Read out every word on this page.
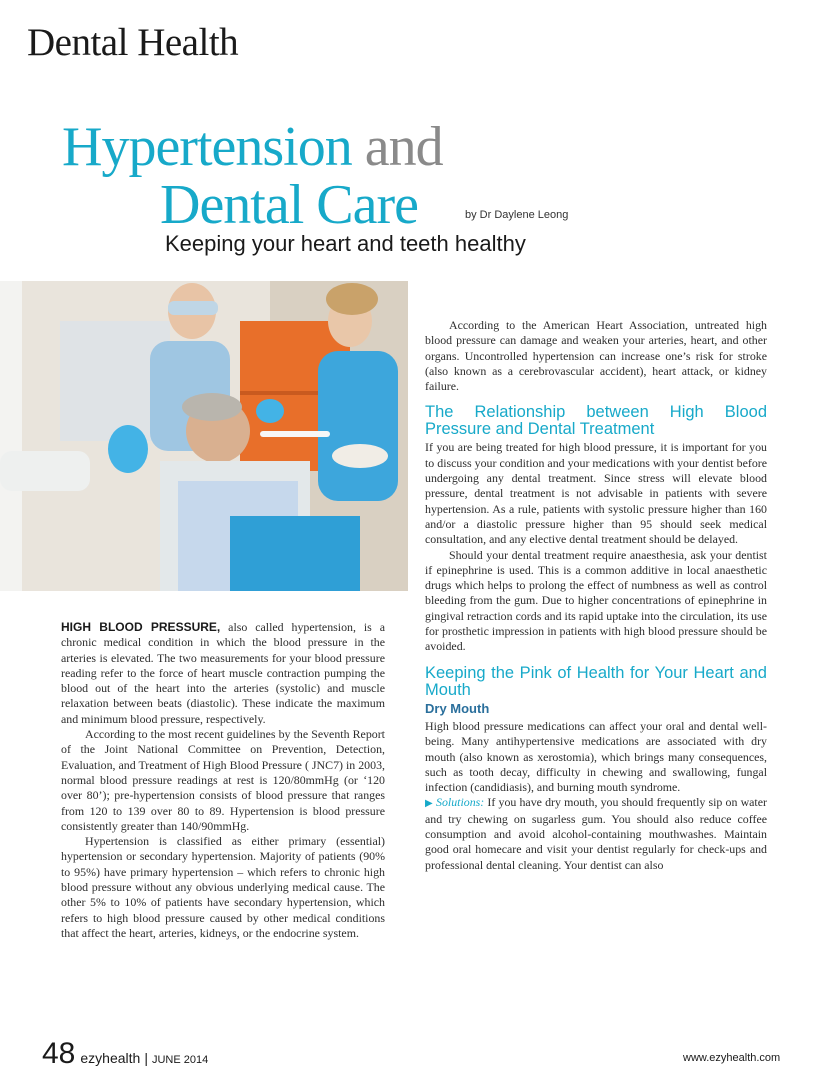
Dental Health
Hypertension and
Dental Care	by Dr Daylene Leong
Keeping your heart and teeth healthy

HIGH BLOOD PRESSURE, also called hypertension, is a chronic medical condition in which the blood pressure in the arteries is elevated. The two measurements for your blood pressure reading refer to the force of heart muscle contraction pumping the blood out of the heart into the arteries (systolic) and muscle relaxation between beats (diastolic). These indicate the maximum and minimum blood pressure, respectively.

According to the most recent guidelines by the Seventh Report of the Joint National Committee on Prevention, Detection, Evaluation, and Treatment of High Blood Pressure ( JNC7) in 2003, normal blood pressure readings at rest is 120/80mmHg (or ‘120 over 80’); pre-hypertension consists of blood pressure that ranges from 120 to 139 over 80 to 89. Hypertension is blood pressure consistently greater than 140/90mmHg.

Hypertension is classified as either primary (essential) hypertension or secondary hypertension. Majority of patients (90% to 95%) have primary hypertension – which refers to chronic high blood pressure without any obvious underlying medical cause. The other 5% to 10% of patients have secondary hypertension, which refers to high blood pressure caused by other medical conditions that affect the heart, arteries, kidneys, or the endocrine system.

According to the American Heart Association, untreated high blood pressure can damage and weaken your arteries, heart, and other organs. Uncontrolled hypertension can increase one’s risk for stroke (also known as a cerebrovascular accident), heart attack, or kidney failure.

The Relationship between High Blood Pressure and Dental Treatment

If you are being treated for high blood pressure, it is important for you to discuss your condition and your medications with your dentist before undergoing any dental treatment. Since stress will elevate blood pressure, dental treatment is not advisable in patients with severe hypertension. As a rule, patients with systolic pressure higher than 160 and/or a diastolic pressure higher than 95 should seek medical consultation, and any elective dental treatment should be delayed.

Should your dental treatment require anaesthesia, ask your dentist if epinephrine is used. This is a common additive in local anaesthetic drugs which helps to prolong the effect of numbness as well as control bleeding from the gum. Due to higher concentrations of epinephrine in gingival retraction cords and its rapid uptake into the circulation, its use for prosthetic impression in patients with high blood pressure should be avoided.

Keeping the Pink of Health for Your Heart and Mouth
Dry Mouth

High blood pressure medications can affect your oral and dental well-being. Many antihypertensive medications are associated with dry mouth (also known as xerostomia), which brings many consequences, such as tooth decay, difficulty in chewing and swallowing, fungal infection (candidiasis), and burning mouth syndrome.

▶ Solutions: If you have dry mouth, you should frequently sip on water and try chewing on sugarless gum. You should also reduce coffee consumption and avoid alcohol-containing mouthwashes. Maintain good oral homecare and visit your dentist regularly for check-ups and professional dental cleaning. Your dentist can also

48 ezyhealth | JUNE 2014	www.ezyhealth.com
